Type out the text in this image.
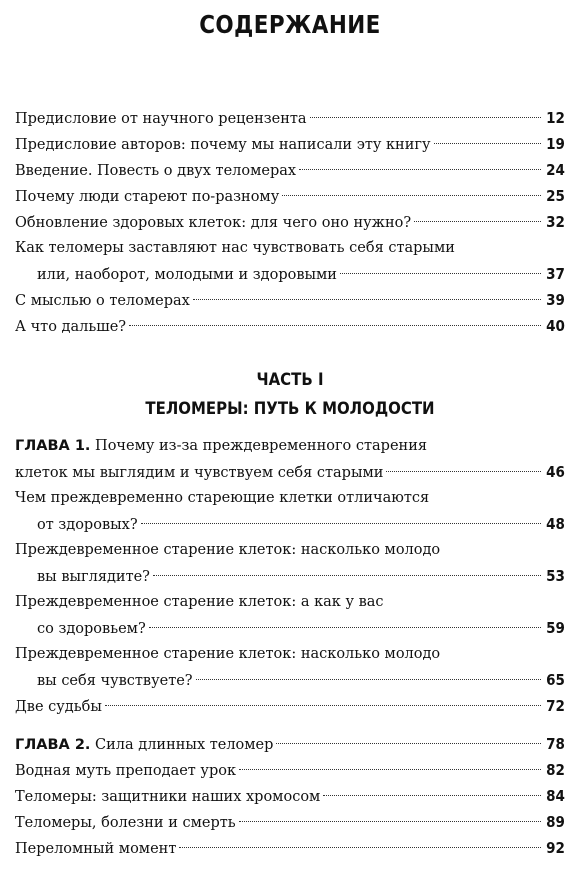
СОДЕРЖАНИЕ
Предисловие от научного рецензента	12
Предисловие авторов: почему мы написали эту книгу	19
Введение. Повесть о двух теломерах	24
Почему люди стареют по-разному	25
Обновление здоровых клеток: для чего оно нужно?	32
Как теломеры заставляют нас чувствовать себя старыми
или, наоборот, молодыми и здоровыми	37
С мыслью о теломерах	39
А что дальше?	40
ЧАСТЬ I
ТЕЛОМЕРЫ: ПУТЬ К МОЛОДОСТИ
ГЛАВА 1. Почему из-за преждевременного старения
клеток мы выглядим и чувствуем себя старыми	46
Чем преждевременно стареющие клетки отличаются
от здоровых?	48
Преждевременное старение клеток: насколько молодо
вы выглядите?	53
Преждевременное старение клеток: а как у вас
со здоровьем?	59
Преждевременное старение клеток: насколько молодо
вы себя чувствуете?	65
Две судьбы	72
ГЛАВА 2. Сила длинных теломер	78
Водная муть преподает урок	82
Теломеры: защитники наших хромосом	84
Теломеры, болезни и смерть	89
Переломный момент	92
